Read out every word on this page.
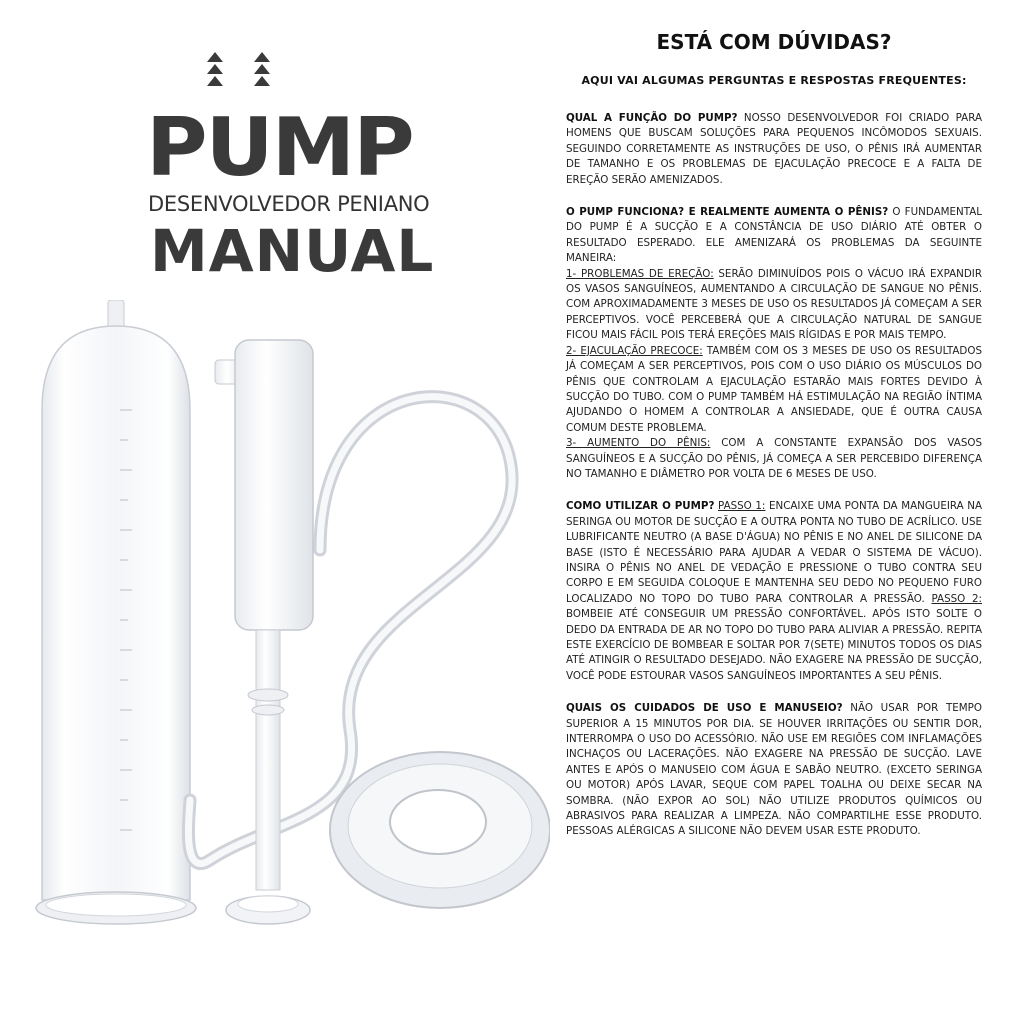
PUMP
DESENVOLVEDOR PENIANO
MANUAL
ESTÁ COM DÚVIDAS?
AQUI VAI ALGUMAS PERGUNTAS E RESPOSTAS FREQUENTES:
QUAL A FUNÇÃO DO PUMP? NOSSO DESENVOLVEDOR FOI CRIADO PARA HOMENS QUE BUSCAM SOLUÇÕES PARA PEQUENOS INCÔMODOS SEXUAIS. SEGUINDO CORRETAMENTE AS INSTRUÇÕES DE USO, O PÊNIS IRÁ AUMENTAR DE TAMANHO E OS PROBLEMAS DE EJACULAÇÃO PRECOCE E A FALTA DE EREÇÃO SERÃO AMENIZADOS.
O PUMP FUNCIONA? E REALMENTE AUMENTA O PÊNIS? O FUNDAMENTAL DO PUMP É A SUCÇÃO E A CONSTÂNCIA DE USO DIÁRIO ATÉ OBTER O RESULTADO ESPERADO. ELE AMENIZARÁ OS PROBLEMAS DA SEGUINTE MANEIRA:
1- PROBLEMAS DE EREÇÃO: SERÃO DIMINUÍDOS POIS O VÁCUO IRÁ EXPANDIR OS VASOS SANGUÍNEOS, AUMENTANDO A CIRCULAÇÃO DE SANGUE NO PÊNIS. COM APROXIMADAMENTE 3 MESES DE USO OS RESULTADOS JÁ COMEÇAM A SER PERCEPTIVOS. VOCÊ PERCEBERÁ QUE A CIRCULAÇÃO NATURAL DE SANGUE FICOU MAIS FÁCIL POIS TERÁ EREÇÕES MAIS RÍGIDAS E POR MAIS TEMPO.
2- EJACULAÇÃO PRECOCE: TAMBÉM COM OS 3 MESES DE USO OS RESULTADOS JÁ COMEÇAM A SER PERCEPTIVOS, POIS COM O USO DIÁRIO OS MÚSCULOS DO PÊNIS QUE CONTROLAM A EJACULAÇÃO ESTARÃO MAIS FORTES DEVIDO À SUCÇÃO DO TUBO. COM O PUMP TAMBÉM HÁ ESTIMULAÇÃO NA REGIÃO ÍNTIMA AJUDANDO O HOMEM A CONTROLAR A ANSIEDADE, QUE É OUTRA CAUSA COMUM DESTE PROBLEMA.
3- AUMENTO DO PÊNIS: COM A CONSTANTE EXPANSÃO DOS VASOS SANGUÍNEOS E A SUCÇÃO DO PÊNIS, JÁ COMEÇA A SER PERCEBIDO DIFERENÇA NO TAMANHO E DIÂMETRO POR VOLTA DE 6 MESES DE USO.
COMO UTILIZAR O PUMP? PASSO 1: ENCAIXE UMA PONTA DA MANGUEIRA NA SERINGA OU MOTOR DE SUCÇÃO E A OUTRA PONTA NO TUBO DE ACRÍLICO. USE LUBRIFICANTE NEUTRO (A BASE D'ÁGUA) NO PÊNIS E NO ANEL DE SILICONE DA BASE (ISTO É NECESSÁRIO PARA AJUDAR A VEDAR O SISTEMA DE VÁCUO). INSIRA O PÊNIS NO ANEL DE VEDAÇÃO E PRESSIONE O TUBO CONTRA SEU CORPO E EM SEGUIDA COLOQUE E MANTENHA SEU DEDO NO PEQUENO FURO LOCALIZADO NO TOPO DO TUBO PARA CONTROLAR A PRESSÃO. PASSO 2: BOMBEIE ATÉ CONSEGUIR UM PRESSÃO CONFORTÁVEL. APÓS ISTO SOLTE O DEDO DA ENTRADA DE AR NO TOPO DO TUBO PARA ALIVIAR A PRESSÃO. REPITA ESTE EXERCÍCIO DE BOMBEAR E SOLTAR POR 7(SETE) MINUTOS TODOS OS DIAS ATÉ ATINGIR O RESULTADO DESEJADO. NÃO EXAGERE NA PRESSÃO DE SUCÇÃO, VOCÊ PODE ESTOURAR VASOS SANGUÍNEOS IMPORTANTES A SEU PÊNIS.
QUAIS OS CUIDADOS DE USO E MANUSEIO? NÃO USAR POR TEMPO SUPERIOR A 15 MINUTOS POR DIA. SE HOUVER IRRITAÇÕES OU SENTIR DOR, INTERROMPA O USO DO ACESSÓRIO. NÃO USE EM REGIÕES COM INFLAMAÇÕES INCHAÇOS OU LACERAÇÕES. NÃO EXAGERE NA PRESSÃO DE SUCÇÃO. LAVE ANTES E APÓS O MANUSEIO COM ÁGUA E SABÃO NEUTRO. (EXCETO SERINGA OU MOTOR) APÓS LAVAR, SEQUE COM PAPEL TOALHA OU DEIXE SECAR NA SOMBRA. (NÃO EXPOR AO SOL) NÃO UTILIZE PRODUTOS QUÍMICOS OU ABRASIVOS PARA REALIZAR A LIMPEZA. NÃO COMPARTILHE ESSE PRODUTO. PESSOAS ALÉRGICAS A SILICONE NÃO DEVEM USAR ESTE PRODUTO.
